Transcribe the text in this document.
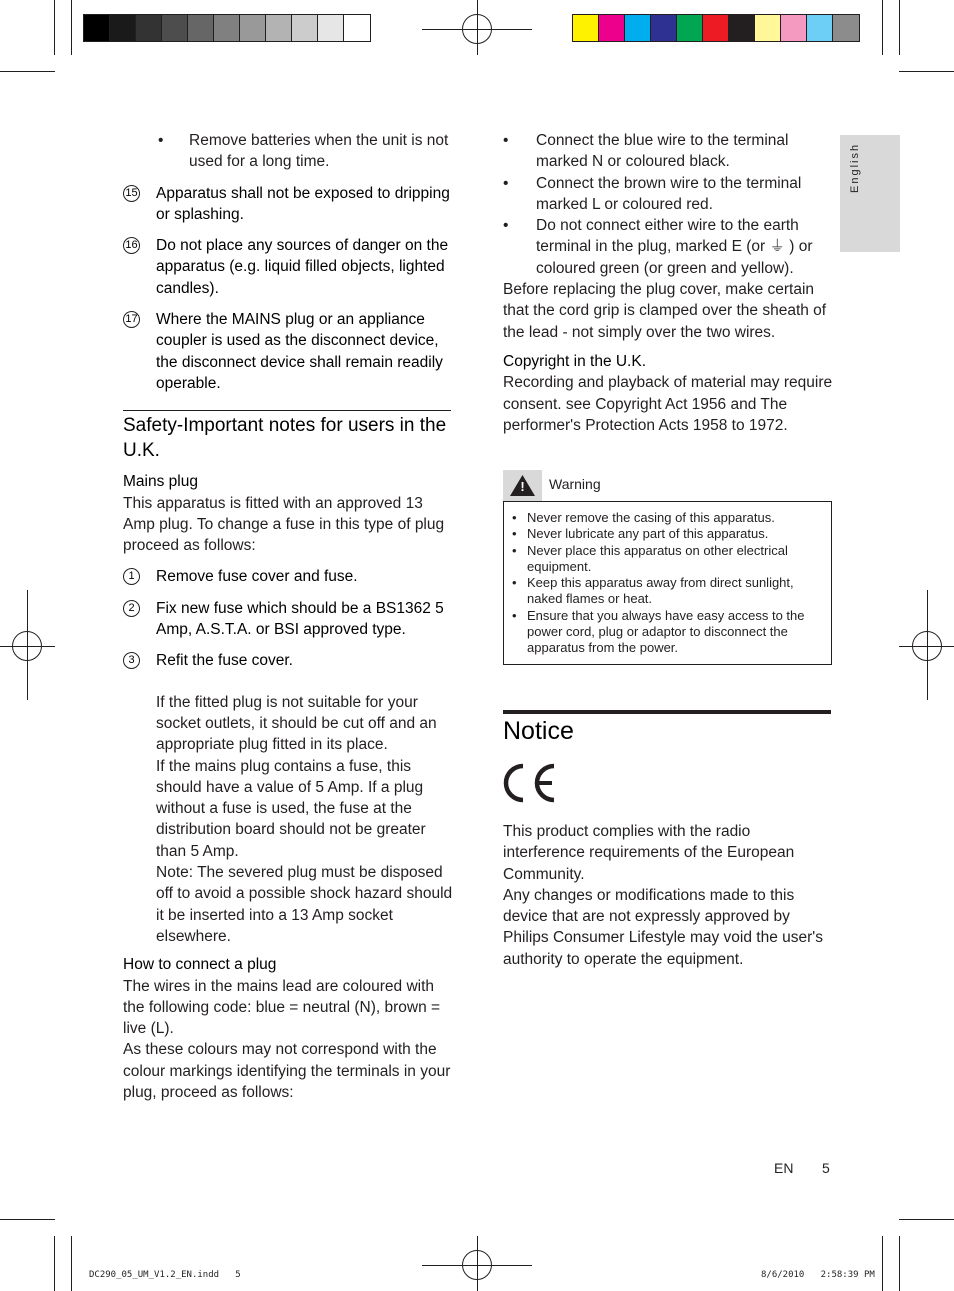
English
• Remove batteries when the unit is not used for a long time.
15 Apparatus shall not be exposed to dripping or splashing.
16 Do not place any sources of danger on the apparatus (e.g. liquid filled objects, lighted candles).
17 Where the MAINS plug or an appliance coupler is used as the disconnect device, the disconnect device shall remain readily operable.
Safety-Important notes for users in the U.K.
Mains plug
This apparatus is fitted with an approved 13 Amp plug. To change a fuse in this type of plug proceed as follows:
1	Remove fuse cover and fuse.
2	Fix new fuse which should be a BS1362 5 Amp, A.S.T.A. or BSI approved type.
3	Refit the fuse cover.
If the fitted plug is not suitable for your socket outlets, it should be cut off and an appropriate plug fitted in its place.
If the mains plug contains a fuse, this should have a value of 5 Amp. If a plug without a fuse is used, the fuse at the distribution board should not be greater than 5 Amp.
Note: The severed plug must be disposed off to avoid a possible shock hazard should it be inserted into a 13 Amp socket elsewhere.
How to connect a plug
The wires in the mains lead are coloured with the following code: blue = neutral (N), brown = live (L).
As these colours may not correspond with the colour markings identifying the terminals in your plug, proceed as follows:
• Connect the blue wire to the terminal marked N or coloured black.
• Connect the brown wire to the terminal marked L or coloured red.
• Do not connect either wire to the earth terminal in the plug, marked E (or ⏚ ) or coloured green (or green and yellow).
Before replacing the plug cover, make certain that the cord grip is clamped over the sheath of the lead - not simply over the two wires.
Copyright in the U.K.
Recording and playback of material may require consent. see Copyright Act 1956 and The performer's Protection Acts 1958 to 1972.
!	Warning
• Never remove the casing of this apparatus.
• Never lubricate any part of this apparatus.
• Never place this apparatus on other electrical equipment.
• Keep this apparatus away from direct sunlight, naked flames or heat.
• Ensure that you always have easy access to the power cord, plug or adaptor to disconnect the apparatus from the power.
Notice
This product complies with the radio interference requirements of the European Community.
Any changes or modifications made to this device that are not expressly approved by Philips Consumer Lifestyle may void the user's authority to operate the equipment.
EN 5
DC290_05_UM_V1.2_EN.indd   5	8/6/2010   2:58:39 PM
